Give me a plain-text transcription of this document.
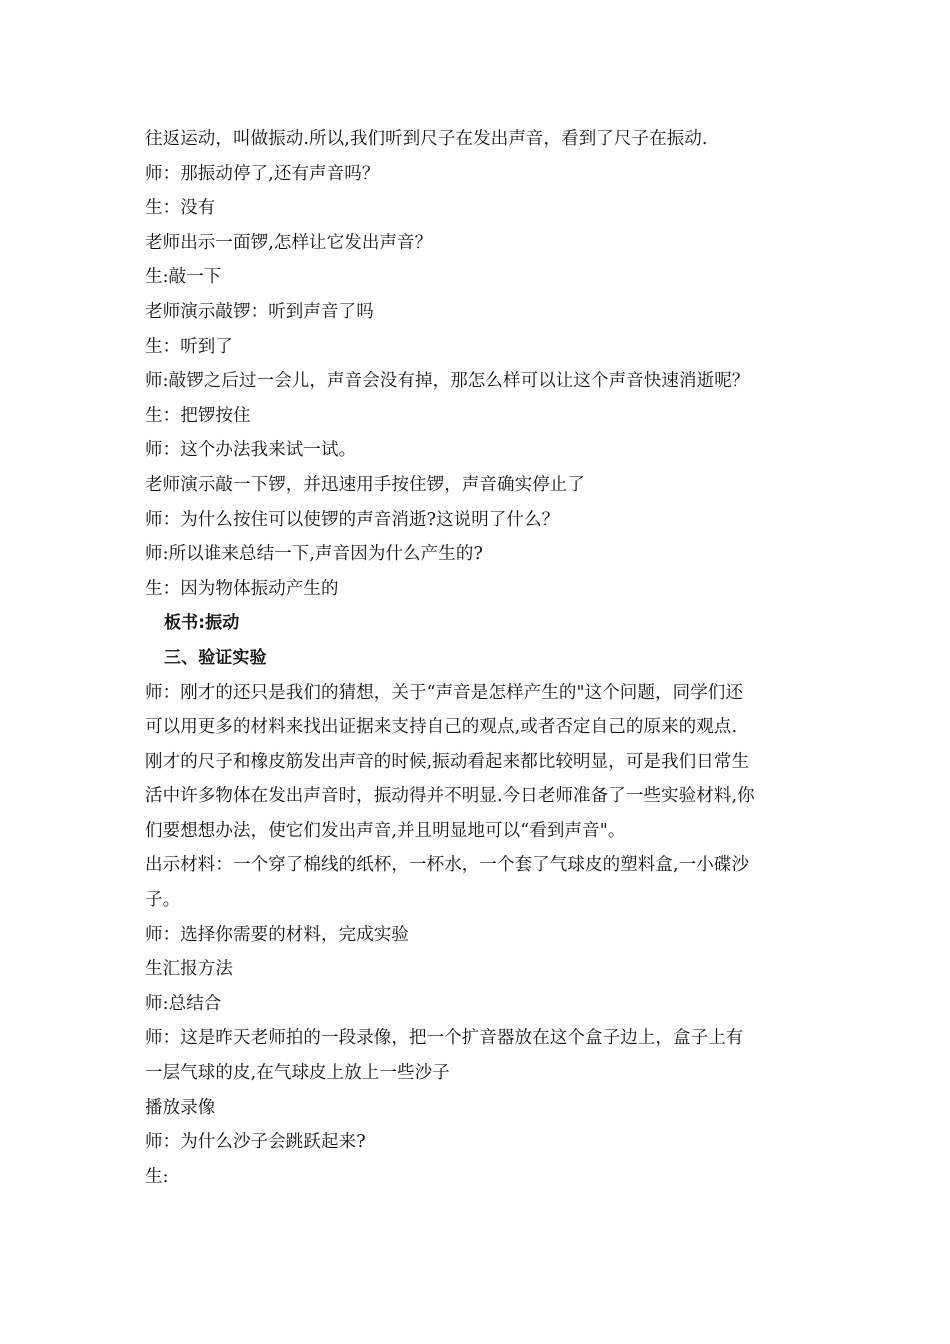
往返运动，叫做振动.所以,我们听到尺子在发出声音，看到了尺子在振动.
师：那振动停了,还有声音吗？
生：没有
老师出示一面锣,怎样让它发出声音？
生:敲一下
老师演示敲锣：听到声音了吗
生：听到了
师:敲锣之后过一会儿，声音会没有掉，那怎么样可以让这个声音快速消逝呢？
生：把锣按住
师：这个办法我来试一试。
老师演示敲一下锣，并迅速用手按住锣，声音确实停止了
师：为什么按住可以使锣的声音消逝?这说明了什么？
师:所以谁来总结一下,声音因为什么产生的?
生：因为物体振动产生的
板书:振动
三、验证实验
师：刚才的还只是我们的猜想，关于“声音是怎样产生的"这个问题，同学们还
可以用更多的材料来找出证据来支持自己的观点,或者否定自己的原来的观点.
刚才的尺子和橡皮筋发出声音的时候,振动看起来都比较明显，可是我们日常生
活中许多物体在发出声音时，振动得并不明显.今日老师准备了一些实验材料,你
们要想想办法，使它们发出声音,并且明显地可以“看到声音"。
出示材料：一个穿了棉线的纸杯，一杯水，一个套了气球皮的塑料盒,一小碟沙
子。
师：选择你需要的材料，完成实验
生汇报方法
师:总结合
师：这是昨天老师拍的一段录像，把一个扩音器放在这个盒子边上，盒子上有
一层气球的皮,在气球皮上放上一些沙子
播放录像
师：为什么沙子会跳跃起来?
生:
